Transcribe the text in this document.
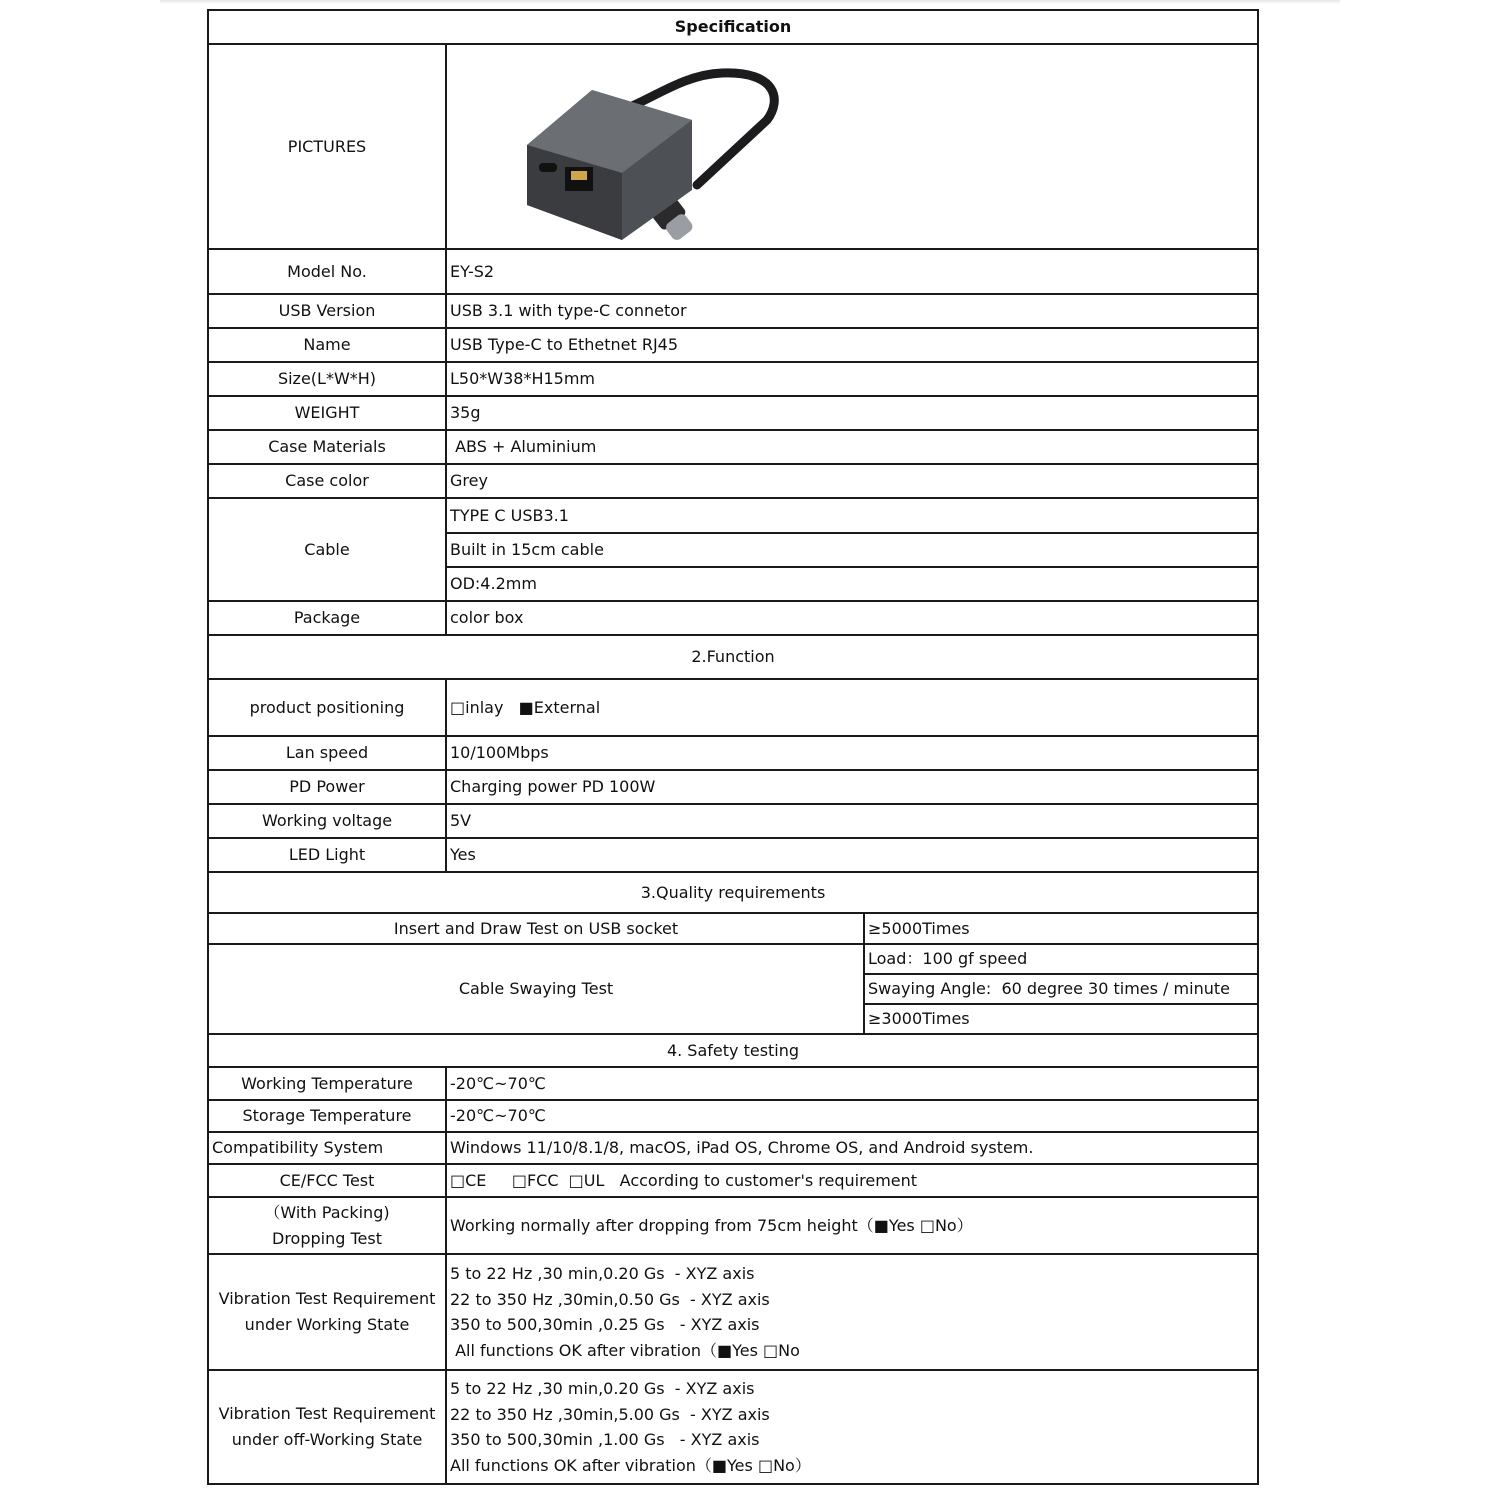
Specification		
PICTURES	
Model No.	EY-S2	
USB Version	USB 3.1 with type-C connetor	
Name	USB Type-C to Ethetnet RJ45	
Size(L*W*H)	L50*W38*H15mm	
WEIGHT	35g	
Case Materials	ABS + Aluminium	
Case color	Grey	
Cable	TYPE C USB3.1	
	Built in 15cm cable	
	OD:4.2mm	
Package	color box	
2.Function		
product positioning	□inlay   ■External	
Lan speed	10/100Mbps	
PD Power	Charging power PD 100W	
Working voltage	5V	
LED Light	Yes	
3.Quality requirements		
Insert and Draw Test on USB socket		≥5000Times
Cable Swaying Test		Load：100 gf speed
		Swaying Angle:  60 degree 30 times / minute
		≥3000Times
4. Safety testing		
Working Temperature	-20℃~70℃	
Storage Temperature	-20℃~70℃	
Compatibility System	Windows 11/10/8.1/8, macOS, iPad OS, Chrome OS, and Android system.	
CE/FCC Test	□CE     □FCC  □UL   According to customer's requirement	

（With Packing)
Dropping Test	Working normally after dropping from 75cm height（■Yes □No）	

Vibration Test Requirement
under Working State	5 to 22 Hz ,30 min,0.20 Gs  - XYZ axis
22 to 350 Hz ,30min,0.50 Gs  - XYZ axis
350 to 500,30min ,0.25 Gs   - XYZ axis
All functions OK after vibration（■Yes □No	

Vibration Test Requirement
under off-Working State	5 to 22 Hz ,30 min,0.20 Gs  - XYZ axis
22 to 350 Hz ,30min,5.00 Gs  - XYZ axis
350 to 500,30min ,1.00 Gs   - XYZ axis
All functions OK after vibration（■Yes □No）	
